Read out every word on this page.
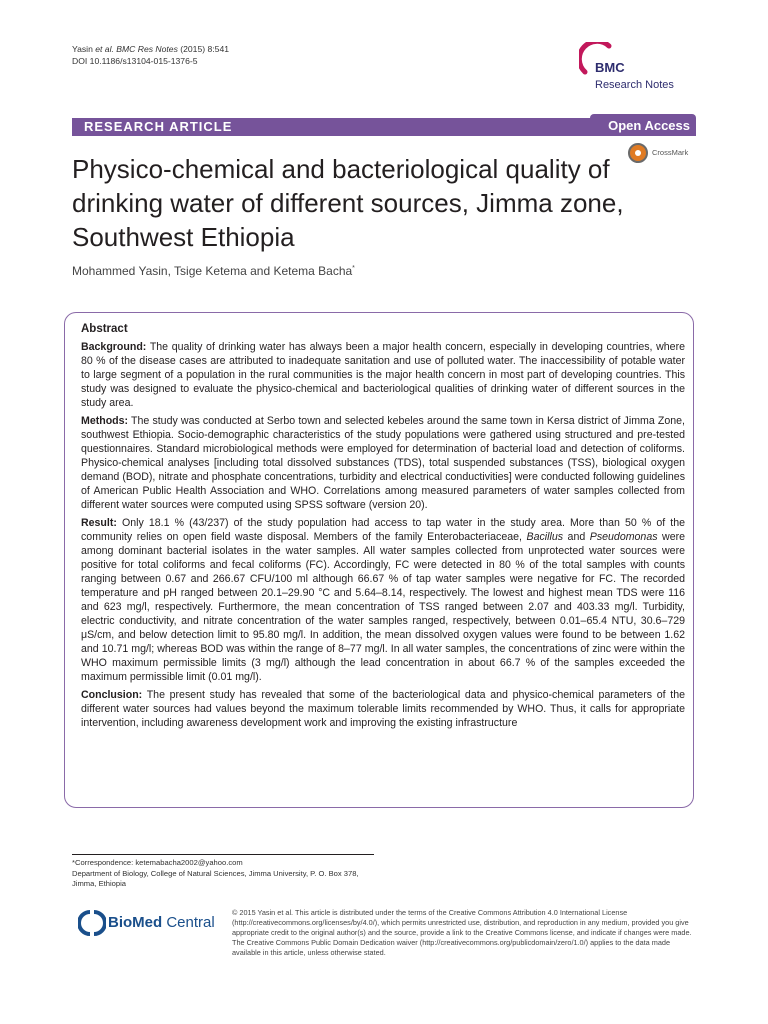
Yasin et al. BMC Res Notes (2015) 8:541
DOI 10.1186/s13104-015-1376-5	BMC
Research Notes
RESEARCH ARTICLE	Open Access
CrossMark
Physico-chemical and bacteriological quality of drinking water of different sources, Jimma zone, Southwest Ethiopia
Mohammed Yasin, Tsige Ketema and Ketema Bacha*
Abstract

Background: The quality of drinking water has always been a major health concern, especially in developing countries, where 80 % of the disease cases are attributed to inadequate sanitation and use of polluted water. The inaccessibility of potable water to large segment of a population in the rural communities is the major health concern in most part of developing countries. This study was designed to evaluate the physico-chemical and bacteriological qualities of drinking water of different sources in the study area.

Methods: The study was conducted at Serbo town and selected kebeles around the same town in Kersa district of Jimma Zone, southwest Ethiopia. Socio-demographic characteristics of the study populations were gathered using structured and pre-tested questionnaires. Standard microbiological methods were employed for determination of bacterial load and detection of coliforms. Physico-chemical analyses [including total dissolved substances (TDS), total suspended substances (TSS), biological oxygen demand (BOD), nitrate and phosphate concentrations, turbidity and electrical conductivities] were conducted following guidelines of American Public Health Association and WHO. Correlations among measured parameters of water samples collected from different water sources were computed using SPSS software (version 20).

Result: Only 18.1 % (43/237) of the study population had access to tap water in the study area. More than 50 % of the community relies on open field waste disposal. Members of the family Enterobacteriaceae, Bacillus and Pseudomonas were among dominant bacterial isolates in the water samples. All water samples collected from unprotected water sources were positive for total coliforms and fecal coliforms (FC). Accordingly, FC were detected in 80 % of the total samples with counts ranging between 0.67 and 266.67 CFU/100 ml although 66.67 % of tap water samples were negative for FC. The recorded temperature and pH ranged between 20.1–29.90 °C and 5.64–8.14, respectively. The lowest and highest mean TDS were 116 and 623 mg/l, respectively. Furthermore, the mean concentration of TSS ranged between 2.07 and 403.33 mg/l. Turbidity, electric conductivity, and nitrate concentration of the water samples ranged, respectively, between 0.01–65.4 NTU, 30.6–729 μS/cm, and below detection limit to 95.80 mg/l. In addition, the mean dissolved oxygen values were found to be between 1.62 and 10.71 mg/l; whereas BOD was within the range of 8–77 mg/l. In all water samples, the concentrations of zinc were within the WHO maximum permissible limits (3 mg/l) although the lead concentration in about 66.7 % of the samples exceeded the maximum permissible limit (0.01 mg/l).

Conclusion: The present study has revealed that some of the bacteriological data and physico-chemical parameters of the different water sources had values beyond the maximum tolerable limits recommended by WHO. Thus, it calls for appropriate intervention, including awareness development work and improving the existing infrastructure

*Correspondence: ketemabacha2002@yahoo.com
Department of Biology, College of Natural Sciences, Jimma University, P. O. Box 378, Jimma, Ethiopia
BioMed Central
© 2015 Yasin et al. This article is distributed under the terms of the Creative Commons Attribution 4.0 International License (http://creativecommons.org/licenses/by/4.0/), which permits unrestricted use, distribution, and reproduction in any medium, provided you give appropriate credit to the original author(s) and the source, provide a link to the Creative Commons license, and indicate if changes were made. The Creative Commons Public Domain Dedication waiver (http://creativecommons.org/publicdomain/zero/1.0/) applies to the data made available in this article, unless otherwise stated.
